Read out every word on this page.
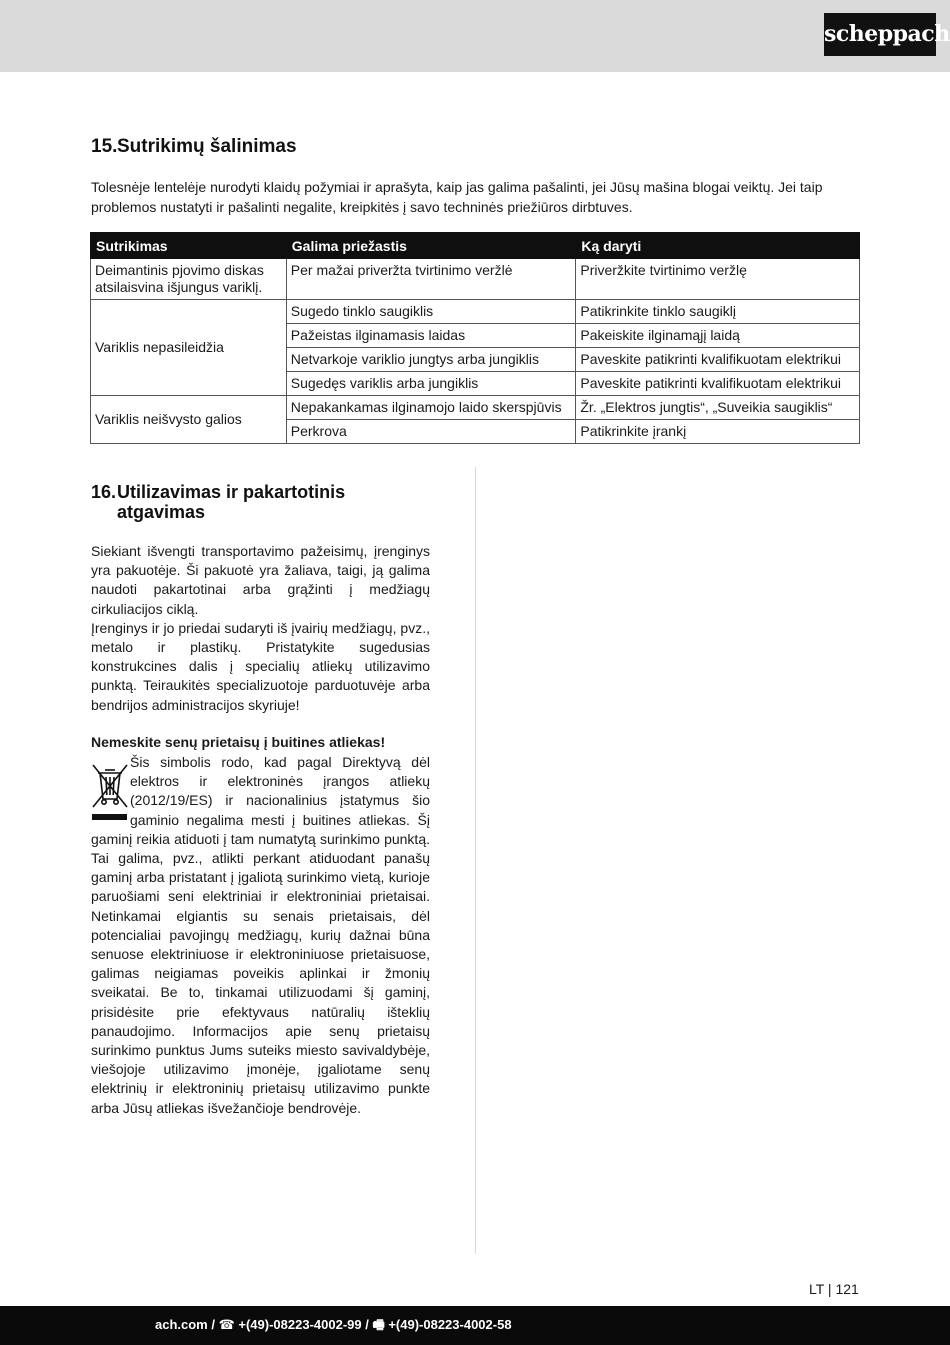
scheppach
15.Sutrikimų šalinimas

Tolesnėje lentelėje nurodyti klaidų požymiai ir aprašyta, kaip jas galima pašalinti, jei Jūsų mašina blogai veiktų. Jei taip problemos nustatyti ir pašalinti negalite, kreipkitės į savo techninės priežiūros dirbtuves.

Sutrikimas	Galima priežastis	Ką daryti
Deimantinis pjovimo diskas atsilaisvina išjungus variklį.	Per mažai priveržta tvirtinimo veržlė	Priveržkite tvirtinimo veržlę
Variklis nepasileidžia	Sugedo tinklo saugiklis	Patikrinkite tinklo saugiklį
	Pažeistas ilginamasis laidas	Pakeiskite ilginamąjį laidą
	Netvarkoje variklio jungtys arba jungiklis	Paveskite patikrinti kvalifikuotam elektrikui
	Sugedęs variklis arba jungiklis	Paveskite patikrinti kvalifikuotam elektrikui
Variklis neišvysto galios	Nepakankamas ilginamojo laido skerspjūvis	Žr. „Elektros jungtis“, „Suveikia saugiklis“
	Perkrova	Patikrinkite įrankį
16.Utilizavimas ir pakartotinis
atgavimas

Siekiant išvengti transportavimo pažeisimų, įrenginys yra pakuotėje. Ši pakuotė yra žaliava, taigi, ją galima naudoti pakartotinai arba grąžinti į medžiagų cirkuliacijos ciklą.

Įrenginys ir jo priedai sudaryti iš įvairių medžiagų, pvz., metalo ir plastikų. Pristatykite sugedusias konstrukcines dalis į specialių atliekų utilizavimo punktą. Teiraukitės specializuotoje parduotuvėje arba bendrijos administracijos skyriuje!

Nemeskite senų prietaisų į buitines atliekas!

Šis simbolis rodo, kad pagal Direktyvą dėl elektros ir elektroninės įrangos atliekų (2012/19/ES) ir nacionalinius įstatymus šio gaminio negalima mesti į buitines atliekas. Šį gaminį reikia atiduoti į tam numatytą surinkimo punktą. Tai galima, pvz., atlikti perkant atiduodant panašų gaminį arba pristatant į įgaliotą surinkimo vietą, kurioje paruošiami seni elektriniai ir elektroniniai prietaisai. Netinkamai elgiantis su senais prietaisais, dėl potencialiai pavojingų medžiagų, kurių dažnai būna senuose elektriniuose ir elektroniniuose prietaisuose, galimas neigiamas poveikis aplinkai ir žmonių sveikatai. Be to, tinkamai utilizuodami šį gaminį, prisidėsite prie efektyvaus natūralių išteklių panaudojimo. Informacijos apie senų prietaisų surinkimo punktus Jums suteiks miesto savivaldybėje, viešojoje utilizavimo įmonėje, įgaliotame senų elektrinių ir elektroninių prietaisų utilizavimo punkte arba Jūsų atliekas išvežančioje bendrovėje.
LT | 121
ach.com / ☎ +(49)-08223-4002-99 / 🖷 +(49)-08223-4002-58
